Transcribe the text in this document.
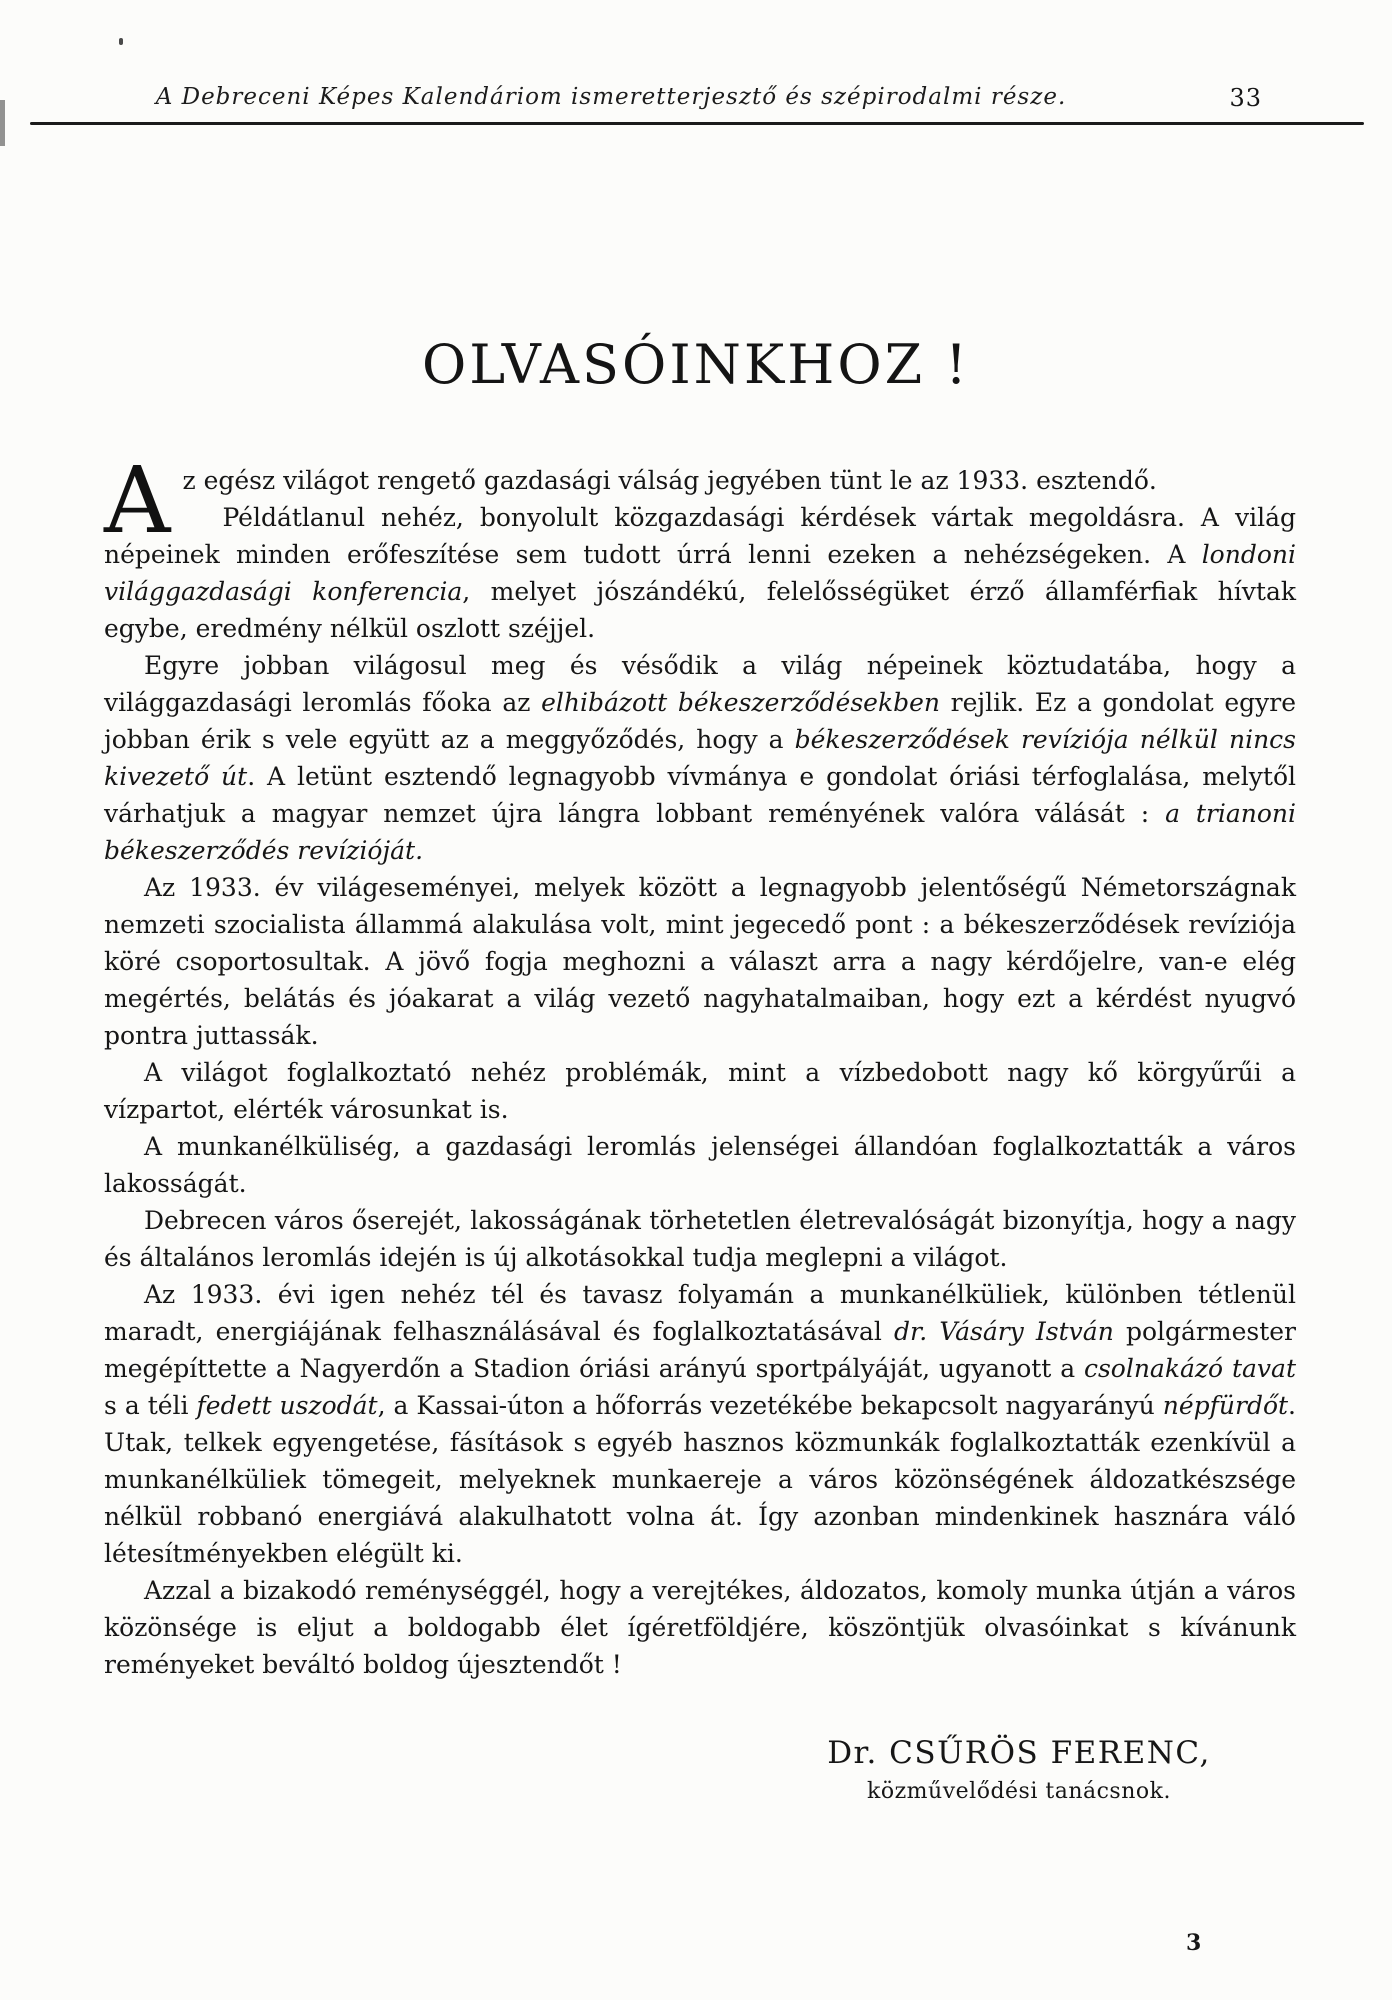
A Debreceni Képes Kalendáriom ismeretterjesztő és szépirodalmi része.	33
OLVASÓINKHOZ !
A z egész világot rengető gazdasági válság jegyében tünt le az 1933. esztendő.

Példátlanul nehéz, bonyolult közgazdasági kérdések vártak megoldásra. A világ népeinek minden erőfeszítése sem tudott úrrá lenni ezeken a nehézségeken. A londoni világgazdasági konferencia, melyet jószándékú, felelősségüket érző államférfiak hívtak egybe, eredmény nélkül oszlott széjjel.

Egyre jobban világosul meg és vésődik a világ népeinek köztudatába, hogy a világgazdasági leromlás főoka az elhibázott békeszerződésekben rejlik. Ez a gondolat egyre jobban érik s vele együtt az a meggyőződés, hogy a békeszerződések revíziója nélkül nincs kivezető út. A letünt esztendő legnagyobb vívmánya e gondolat óriási térfoglalása, melytől várhatjuk a magyar nemzet újra lángra lobbant reményének valóra válását : a trianoni békeszerződés revízióját.

Az 1933. év világeseményei, melyek között a legnagyobb jelentőségű Németországnak nemzeti szocialista állammá alakulása volt, mint jegecedő pont : a békeszerződések revíziója köré csoportosultak. A jövő fogja meghozni a választ arra a nagy kérdőjelre, van-e elég megértés, belátás és jóakarat a világ vezető nagyhatalmaiban, hogy ezt a kérdést nyugvó pontra juttassák.

A világot foglalkoztató nehéz problémák, mint a vízbedobott nagy kő körgyűrűi a vízpartot, elérték városunkat is.

A munkanélküliség, a gazdasági leromlás jelenségei állandóan foglalkoztatták a város lakosságát.

Debrecen város őserejét, lakosságának törhetetlen életrevalóságát bizonyítja, hogy a nagy és általános leromlás idején is új alkotásokkal tudja meglepni a világot.

Az 1933. évi igen nehéz tél és tavasz folyamán a munkanélküliek, különben tétlenül maradt, energiájának felhasználásával és foglalkoztatásával dr. Vásáry István polgármester megépíttette a Nagyerdőn a Stadion óriási arányú sportpályáját, ugyanott a csolnakázó tavat s a téli fedett uszodát, a Kassai-úton a hőforrás vezetékébe bekapcsolt nagyarányú népfürdőt. Utak, telkek egyengetése, fásítások s egyéb hasznos közmunkák foglalkoztatták ezenkívül a munkanélküliek tömegeit, melyeknek munkaereje a város közönségének áldozatkészsége nélkül robbanó energiává alakulhatott volna át. Így azonban mindenkinek hasznára váló létesítményekben elégült ki.

Azzal a bizakodó reménységgél, hogy a verejtékes, áldozatos, komoly munka útján a város közönsége is eljut a boldogabb élet ígéretföldjére, köszöntjük olvasóinkat s kívánunk reményeket beváltó boldog újesztendőt !

Dr. CSŰRÖS FERENC,
közművelődési tanácsnok.
3
